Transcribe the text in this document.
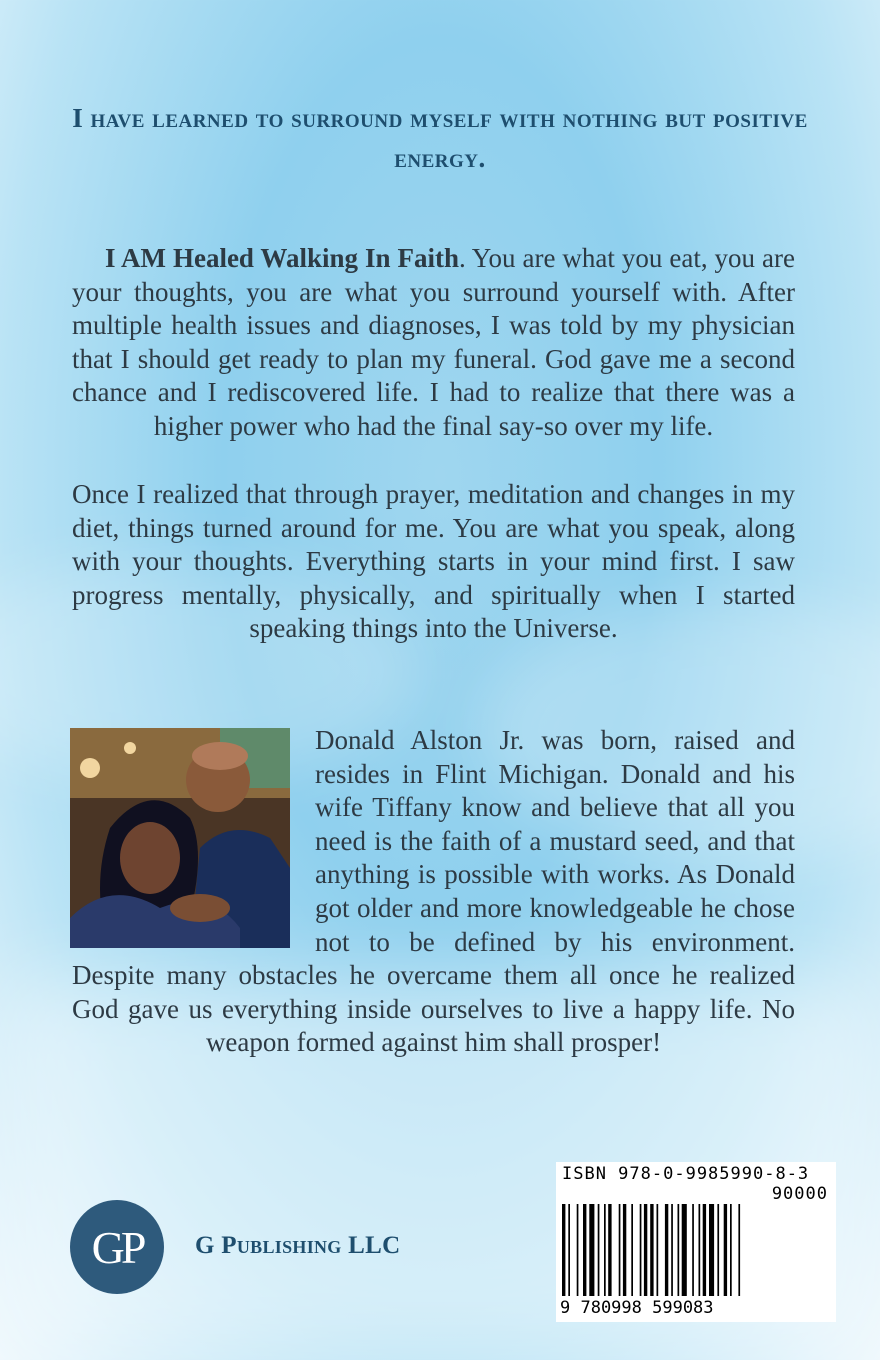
I have learned to surround myself with nothing but positive energy.
I AM Healed Walking In Faith. You are what you eat, you are your thoughts, you are what you surround yourself with. After multiple health issues and diagnoses, I was told by my physician that I should get ready to plan my funeral. God gave me a second chance and I rediscovered life. I had to realize that there was a higher power who had the final say-so over my life.
Once I realized that through prayer, meditation and changes in my diet, things turned around for me. You are what you speak, along with your thoughts. Everything starts in your mind first. I saw progress mentally, physically, and spiritually when I started speaking things into the Universe.
Donald Alston Jr. was born, raised and resides in Flint Michigan. Donald and his wife Tiffany know and believe that all you need is the faith of a mustard seed, and that anything is possible with works. As Donald got older and more knowledgeable he chose not to be defined by his environment. Despite many obstacles he overcame them all once he realized God gave us everything inside ourselves to live a happy life. No weapon formed against him shall prosper!
GP G Publishing LLC
ISBN 978-0-9985990-8-3
90000
9 780998 599083
